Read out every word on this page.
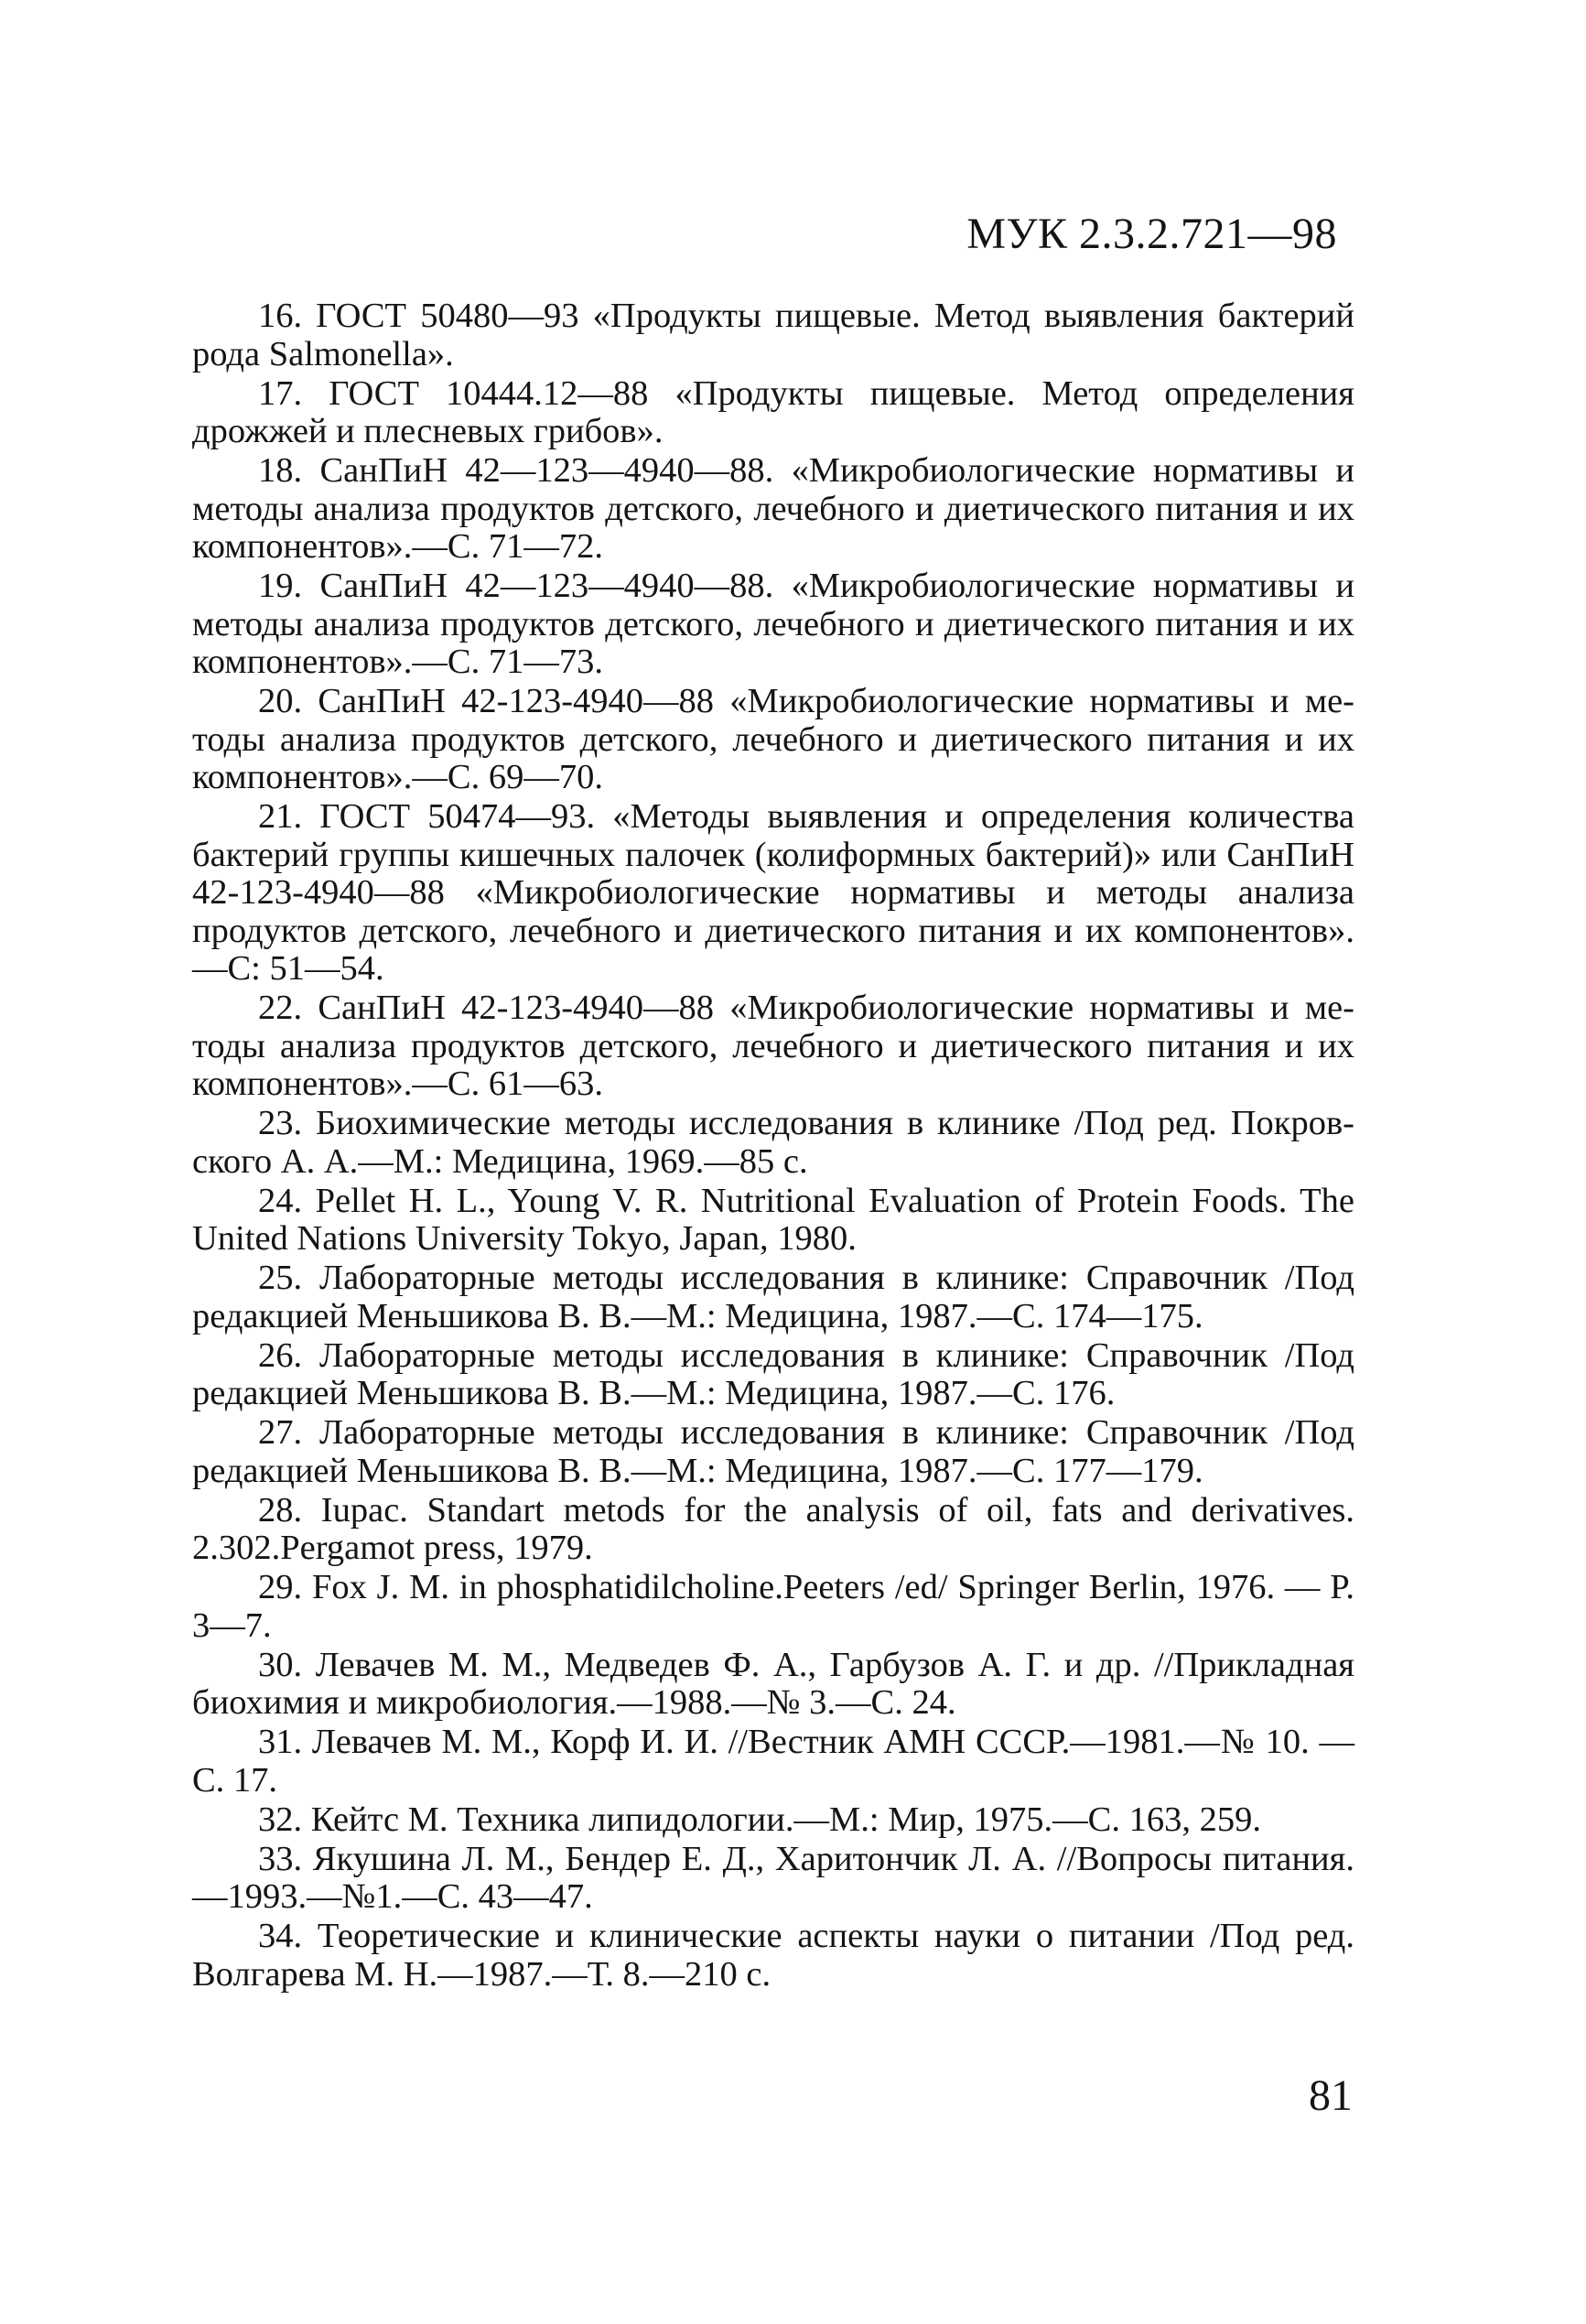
МУК 2.3.2.721—98

16. ГОСТ 50480—93 «Продукты пищевые. Метод выявления бактерий рода Salmonella».

17. ГОСТ 10444.12—88 «Продукты пищевые. Метод определения дрожжей и плесневых грибов».

18. СанПиН 42—123—4940—88. «Микробиологические нормативы и методы анализа продуктов детского, лечебного и диетического питания и их компонентов».—С. 71—72.

19. СанПиН 42—123—4940—88. «Микробиологические нормативы и методы анализа продуктов детского, лечебного и диетического питания и их компонентов».—С. 71—73.

20. СанПиН 42-123-4940—88 «Микробиологические нормативы и методы анализа продуктов детского, лечебного и диетического питания и их компонентов».—С. 69—70.

21. ГОСТ 50474—93. «Методы выявления и определения количества бактерий группы кишечных палочек (колиформных бактерий)» или СанПиН 42-123-4940—88 «Микробиологические нормативы и методы анализа продуктов детского, лечебного и диетического питания и их компонентов».—С: 51—54.

22. СанПиН 42-123-4940—88 «Микробиологические нормативы и методы анализа продуктов детского, лечебного и диетического питания и их компонентов».—С. 61—63.

23. Биохимические методы исследования в клинике /Под ред. Покровского А. А.—М.: Медицина, 1969.—85 с.

24. Pellet H. L., Young V. R. Nutritional Evaluation of Protein Foods. The United Nations University Tokyo, Japan, 1980.

25. Лабораторные методы исследования в клинике: Справочник /Под редакцией Меньшикова В. В.—М.: Медицина, 1987.—С. 174—175.

26. Лабораторные методы исследования в клинике: Справочник /Под редакцией Меньшикова В. В.—М.: Медицина, 1987.—С. 176.

27. Лабораторные методы исследования в клинике: Справочник /Под редакцией Меньшикова В. В.—М.: Медицина, 1987.—С. 177—179.

28. Iupac. Standart metods for the analysis of oil, fats and derivatives. 2.302.Pergamot press, 1979.

29. Fox J. M. in phosphatidilcholine.Peeters /ed/ Springer Berlin, 1976. — P. 3—7.

30. Левачев М. М., Медведев Ф. А., Гарбузов А. Г. и др. //Прикладная биохимия и микробиология.—1988.—№ 3.—С. 24.

31. Левачев М. М., Корф И. И. //Вестник АМН СССР.—1981.—№ 10. —С. 17.

32. Кейтс М. Техника липидологии.—М.: Мир, 1975.—С. 163, 259.

33. Якушина Л. М., Бендер Е. Д., Харитончик Л. А. //Вопросы питания.—1993.—№1.—С. 43—47.

34. Теоретические и клинические аспекты науки о питании /Под ред. Волгарева М. Н.—1987.—Т. 8.—210 с.

81
